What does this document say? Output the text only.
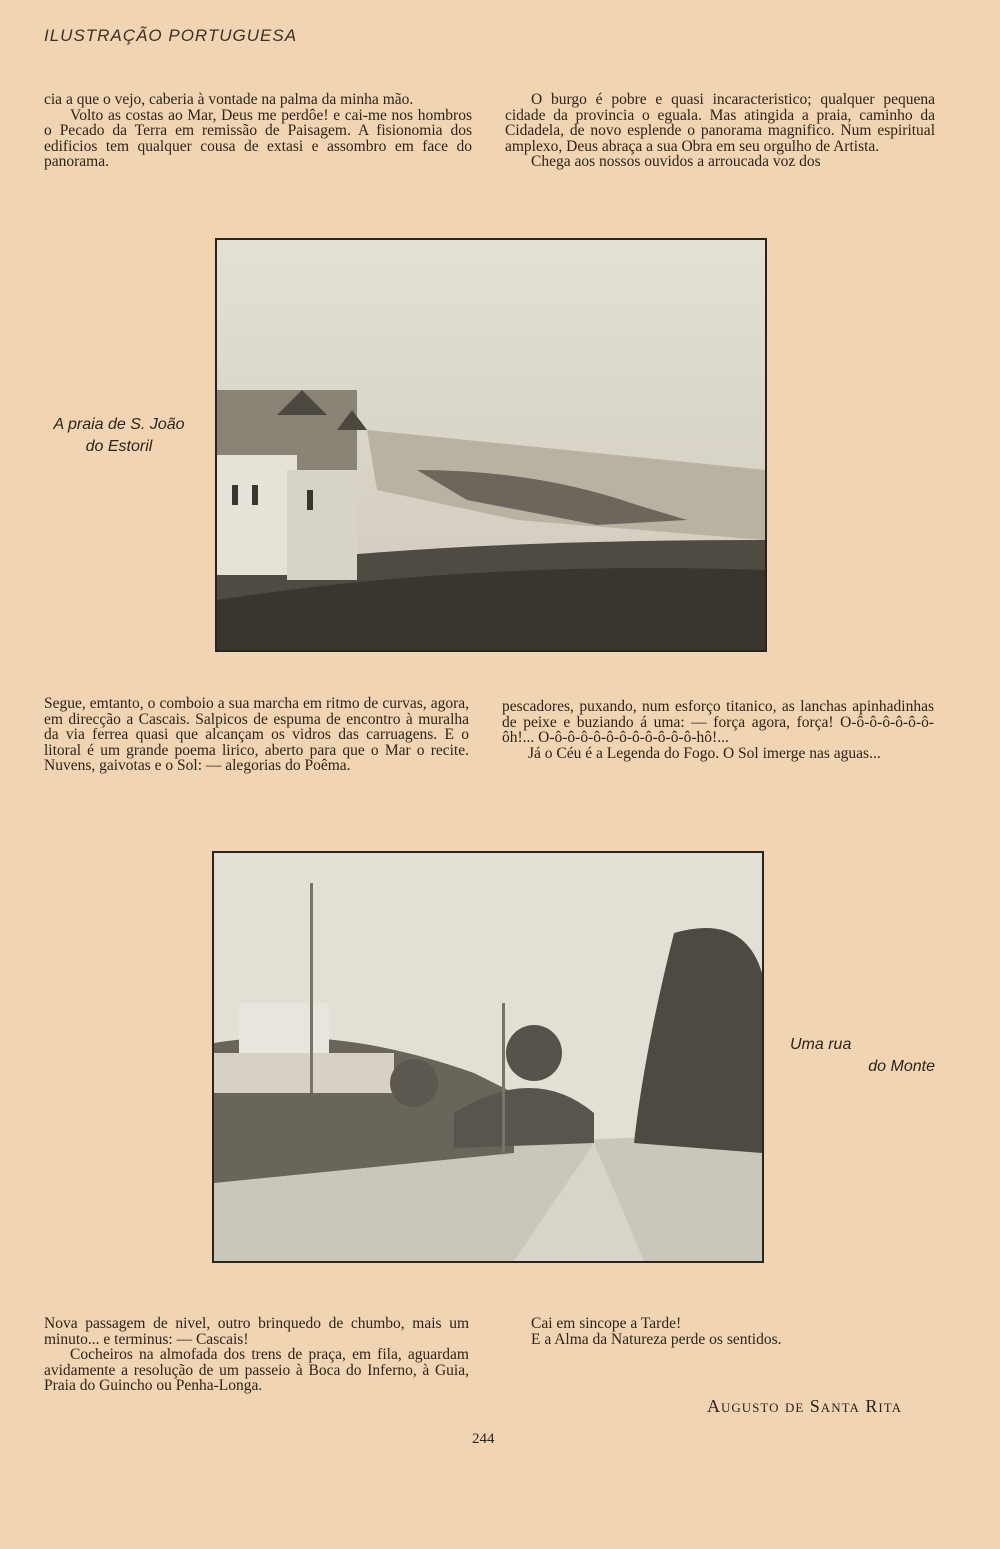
ILUSTRAÇÃO PORTUGUESA

cia a que o vejo, caberia à vontade na palma da minha mão.

Volto as costas ao Mar, Deus me perdôe! e cai-me nos hombros o Pecado da Terra em remissão de Paisagem. A fisionomia dos edificios tem qualquer cousa de extasi e assombro em face do panorama.

O burgo é pobre e quasi incaracteristico; qualquer pequena cidade da provincia o eguala. Mas atingida a praia, caminho da Cidadela, de novo esplende o panorama magnifico. Num espiritual amplexo, Deus abraça a sua Obra em seu orgulho de Artista.

Chega aos nossos ouvidos a arroucada voz dos

A praia de S. João
do Estoril

Segue, emtanto, o comboio a sua marcha em ritmo de curvas, agora, em direcção a Cascais. Salpicos de espuma de encontro à muralha da via ferrea quasi que alcançam os vidros das carruagens. E o litoral é um grande poema lirico, aberto para que o Mar o recite. Nuvens, gaivotas e o Sol: — alegorias do Poêma.

pescadores, puxando, num esforço titanico, as lanchas apinhadinhas de peixe e buziando á uma: — força agora, força! O-ô-ô-ô-ô-ô-ô-ôh!... O-ô-ô-ô-ô-ô-ô-ô-ô-ô-ô-ô-hô!...

Já o Céu é a Legenda do Fogo. O Sol imerge nas aguas...

Uma rua
do Monte

Nova passagem de nivel, outro brinquedo de chumbo, mais um minuto... e terminus: — Cascais!

Cocheiros na almofada dos trens de praça, em fila, aguardam avidamente a resolução de um passeio à Boca do Inferno, à Guia, Praia do Guincho ou Penha-Longa.

Cai em sincope a Tarde!

E a Alma da Natureza perde os sentidos.

Augusto de Santa Rita
244
